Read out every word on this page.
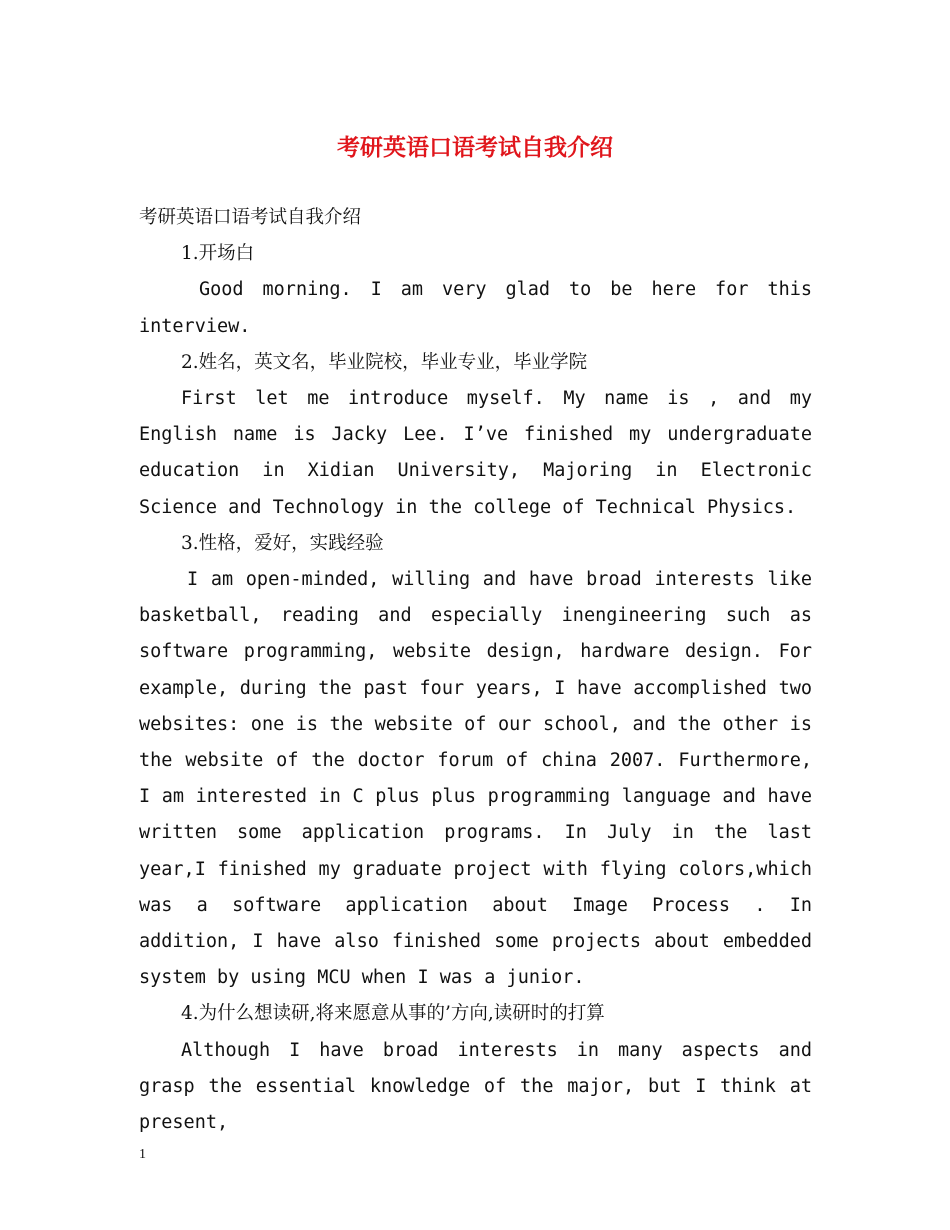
考研英语口语考试自我介绍

考研英语口语考试自我介绍

1.开场白

Good morning. I am very glad to be here for this interview.

2.姓名，英文名，毕业院校，毕业专业，毕业学院

First let me introduce myself. My name is , and my English name is Jacky Lee. I’ve finished my undergraduate education in Xidian University, Majoring in Electronic Science and Technology in the college of Technical Physics.

3.性格，爱好，实践经验

I am open-minded, willing and have broad interests like basketball, reading and especially inengineering such as software programming, website design, hardware design. For example, during the past four years, I have accomplished two websites: one is the website of our school, and the other is the website of the doctor forum of china 2007. Furthermore, I am interested in C plus plus programming language and have written some application programs. In July in the last year,I finished my graduate project with flying colors,which was a software application about Image Process . In addition, I have also finished some projects about embedded system by using MCU when I was a junior.

4.为什么想读研,将来愿意从事的’方向,读研时的打算

Although I have broad interests in many aspects and grasp the essential knowledge of the major, but I think at present,

1
